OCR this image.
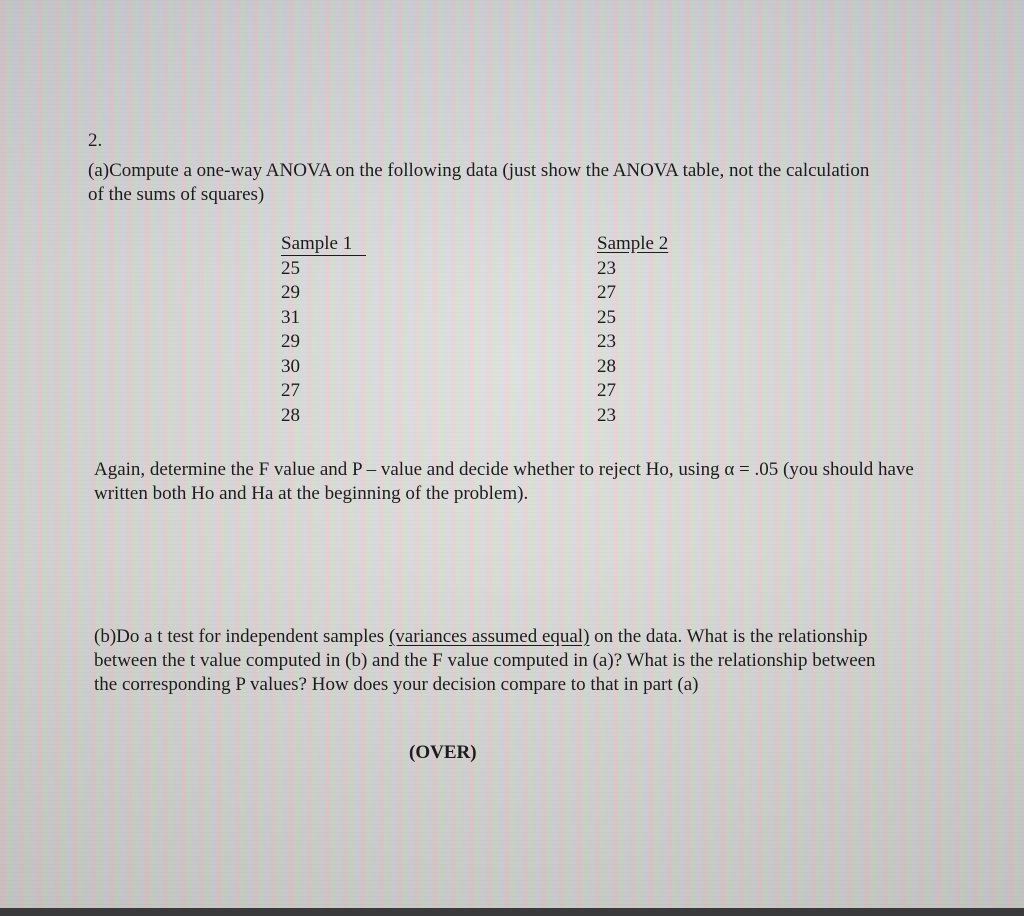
2.

(a)Compute a one-way ANOVA on the following data (just show the ANOVA table, not the calculation of the sums of squares)

Sample 1
25
29
31
29
30
27
28
Sample 2
23
27
25
23
28
27
23

Again, determine the F value and P – value and decide whether to reject Ho, using α = .05 (you should have written both Ho and Ha at the beginning of the problem).

(b)Do a t test for independent samples (variances assumed equal) on the data. What is the relationship between the t value computed in (b) and the F value computed in (a)? What is the relationship between the corresponding P values? How does your decision compare to that in part (a)

(OVER)
